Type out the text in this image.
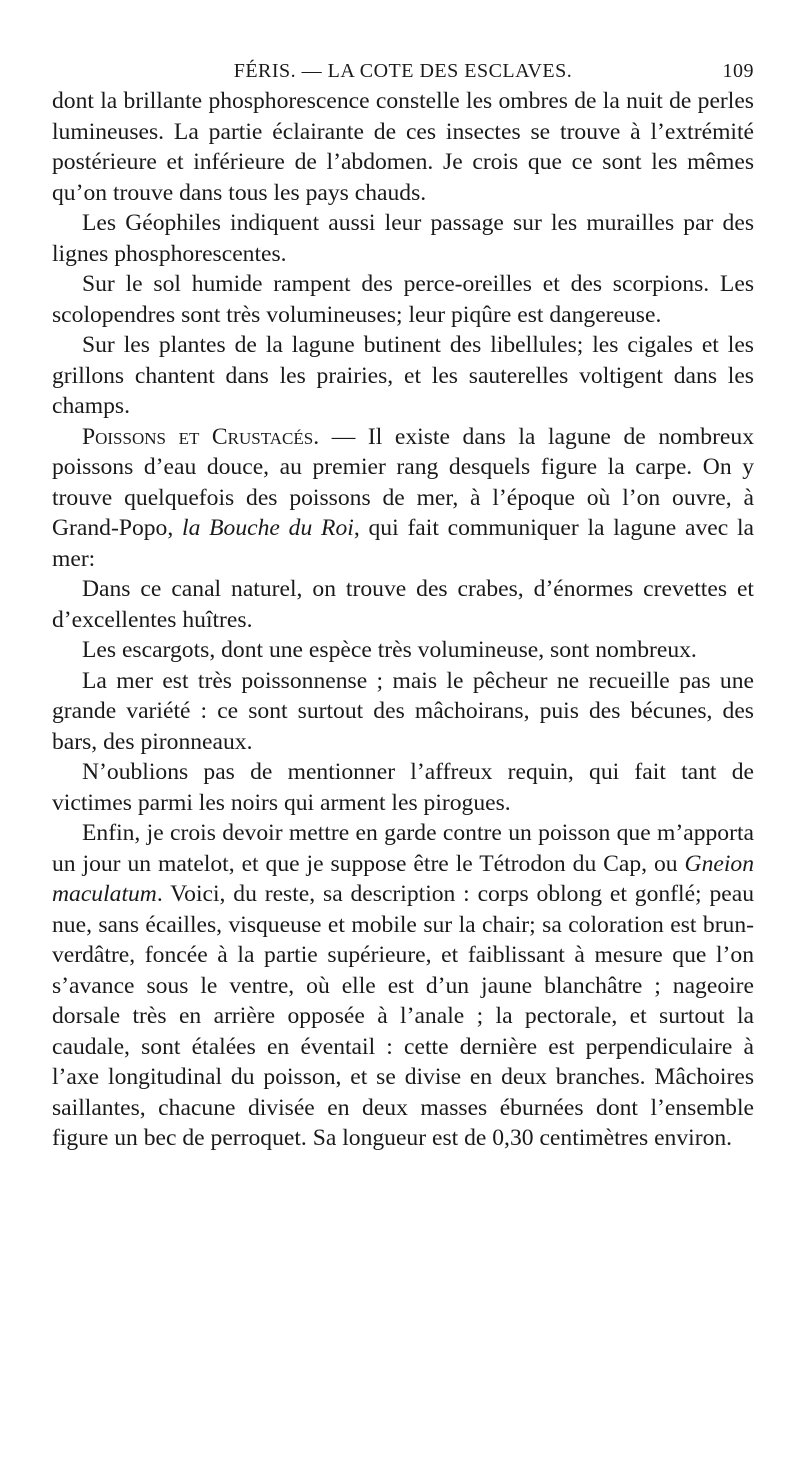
FÉRIS. — LA COTE DES ESCLAVES.	109

dont la brillante phosphorescence constelle les ombres de la nuit de perles lumineuses. La partie éclairante de ces insectes se trouve à l’extrémité postérieure et inférieure de l’abdomen. Je crois que ce sont les mêmes qu’on trouve dans tous les pays chauds.

Les Géophiles indiquent aussi leur passage sur les murailles par des lignes phosphorescentes.

Sur le sol humide rampent des perce-oreilles et des scorpions. Les scolopendres sont très volumineuses; leur piqûre est dangereuse.

Sur les plantes de la lagune butinent des libellules; les cigales et les grillons chantent dans les prairies, et les sauterelles voltigent dans les champs.

Poissons et Crustacés. — Il existe dans la lagune de nombreux poissons d’eau douce, au premier rang desquels figure la carpe. On y trouve quelquefois des poissons de mer, à l’époque où l’on ouvre, à Grand-Popo, la Bouche du Roi, qui fait communiquer la lagune avec la mer:

Dans ce canal naturel, on trouve des crabes, d’énormes crevettes et d’excellentes huîtres.

Les escargots, dont une espèce très volumineuse, sont nombreux.

La mer est très poissonnense ; mais le pêcheur ne recueille pas une grande variété : ce sont surtout des mâchoirans, puis des bécunes, des bars, des pironneaux.

N’oublions pas de mentionner l’affreux requin, qui fait tant de victimes parmi les noirs qui arment les pirogues.

Enfin, je crois devoir mettre en garde contre un poisson que m’apporta un jour un matelot, et que je suppose être le Tétrodon du Cap, ou Gneion maculatum. Voici, du reste, sa description : corps oblong et gonflé; peau nue, sans écailles, visqueuse et mobile sur la chair; sa coloration est brun-verdâtre, foncée à la partie supérieure, et faiblissant à mesure que l’on s’avance sous le ventre, où elle est d’un jaune blanchâtre ; nageoire dorsale très en arrière opposée à l’anale ; la pectorale, et surtout la caudale, sont étalées en éventail : cette dernière est perpendiculaire à l’axe longitudinal du poisson, et se divise en deux branches. Mâchoires saillantes, chacune divisée en deux masses éburnées dont l’ensemble figure un bec de perroquet. Sa longueur est de 0,30 centimètres environ.
